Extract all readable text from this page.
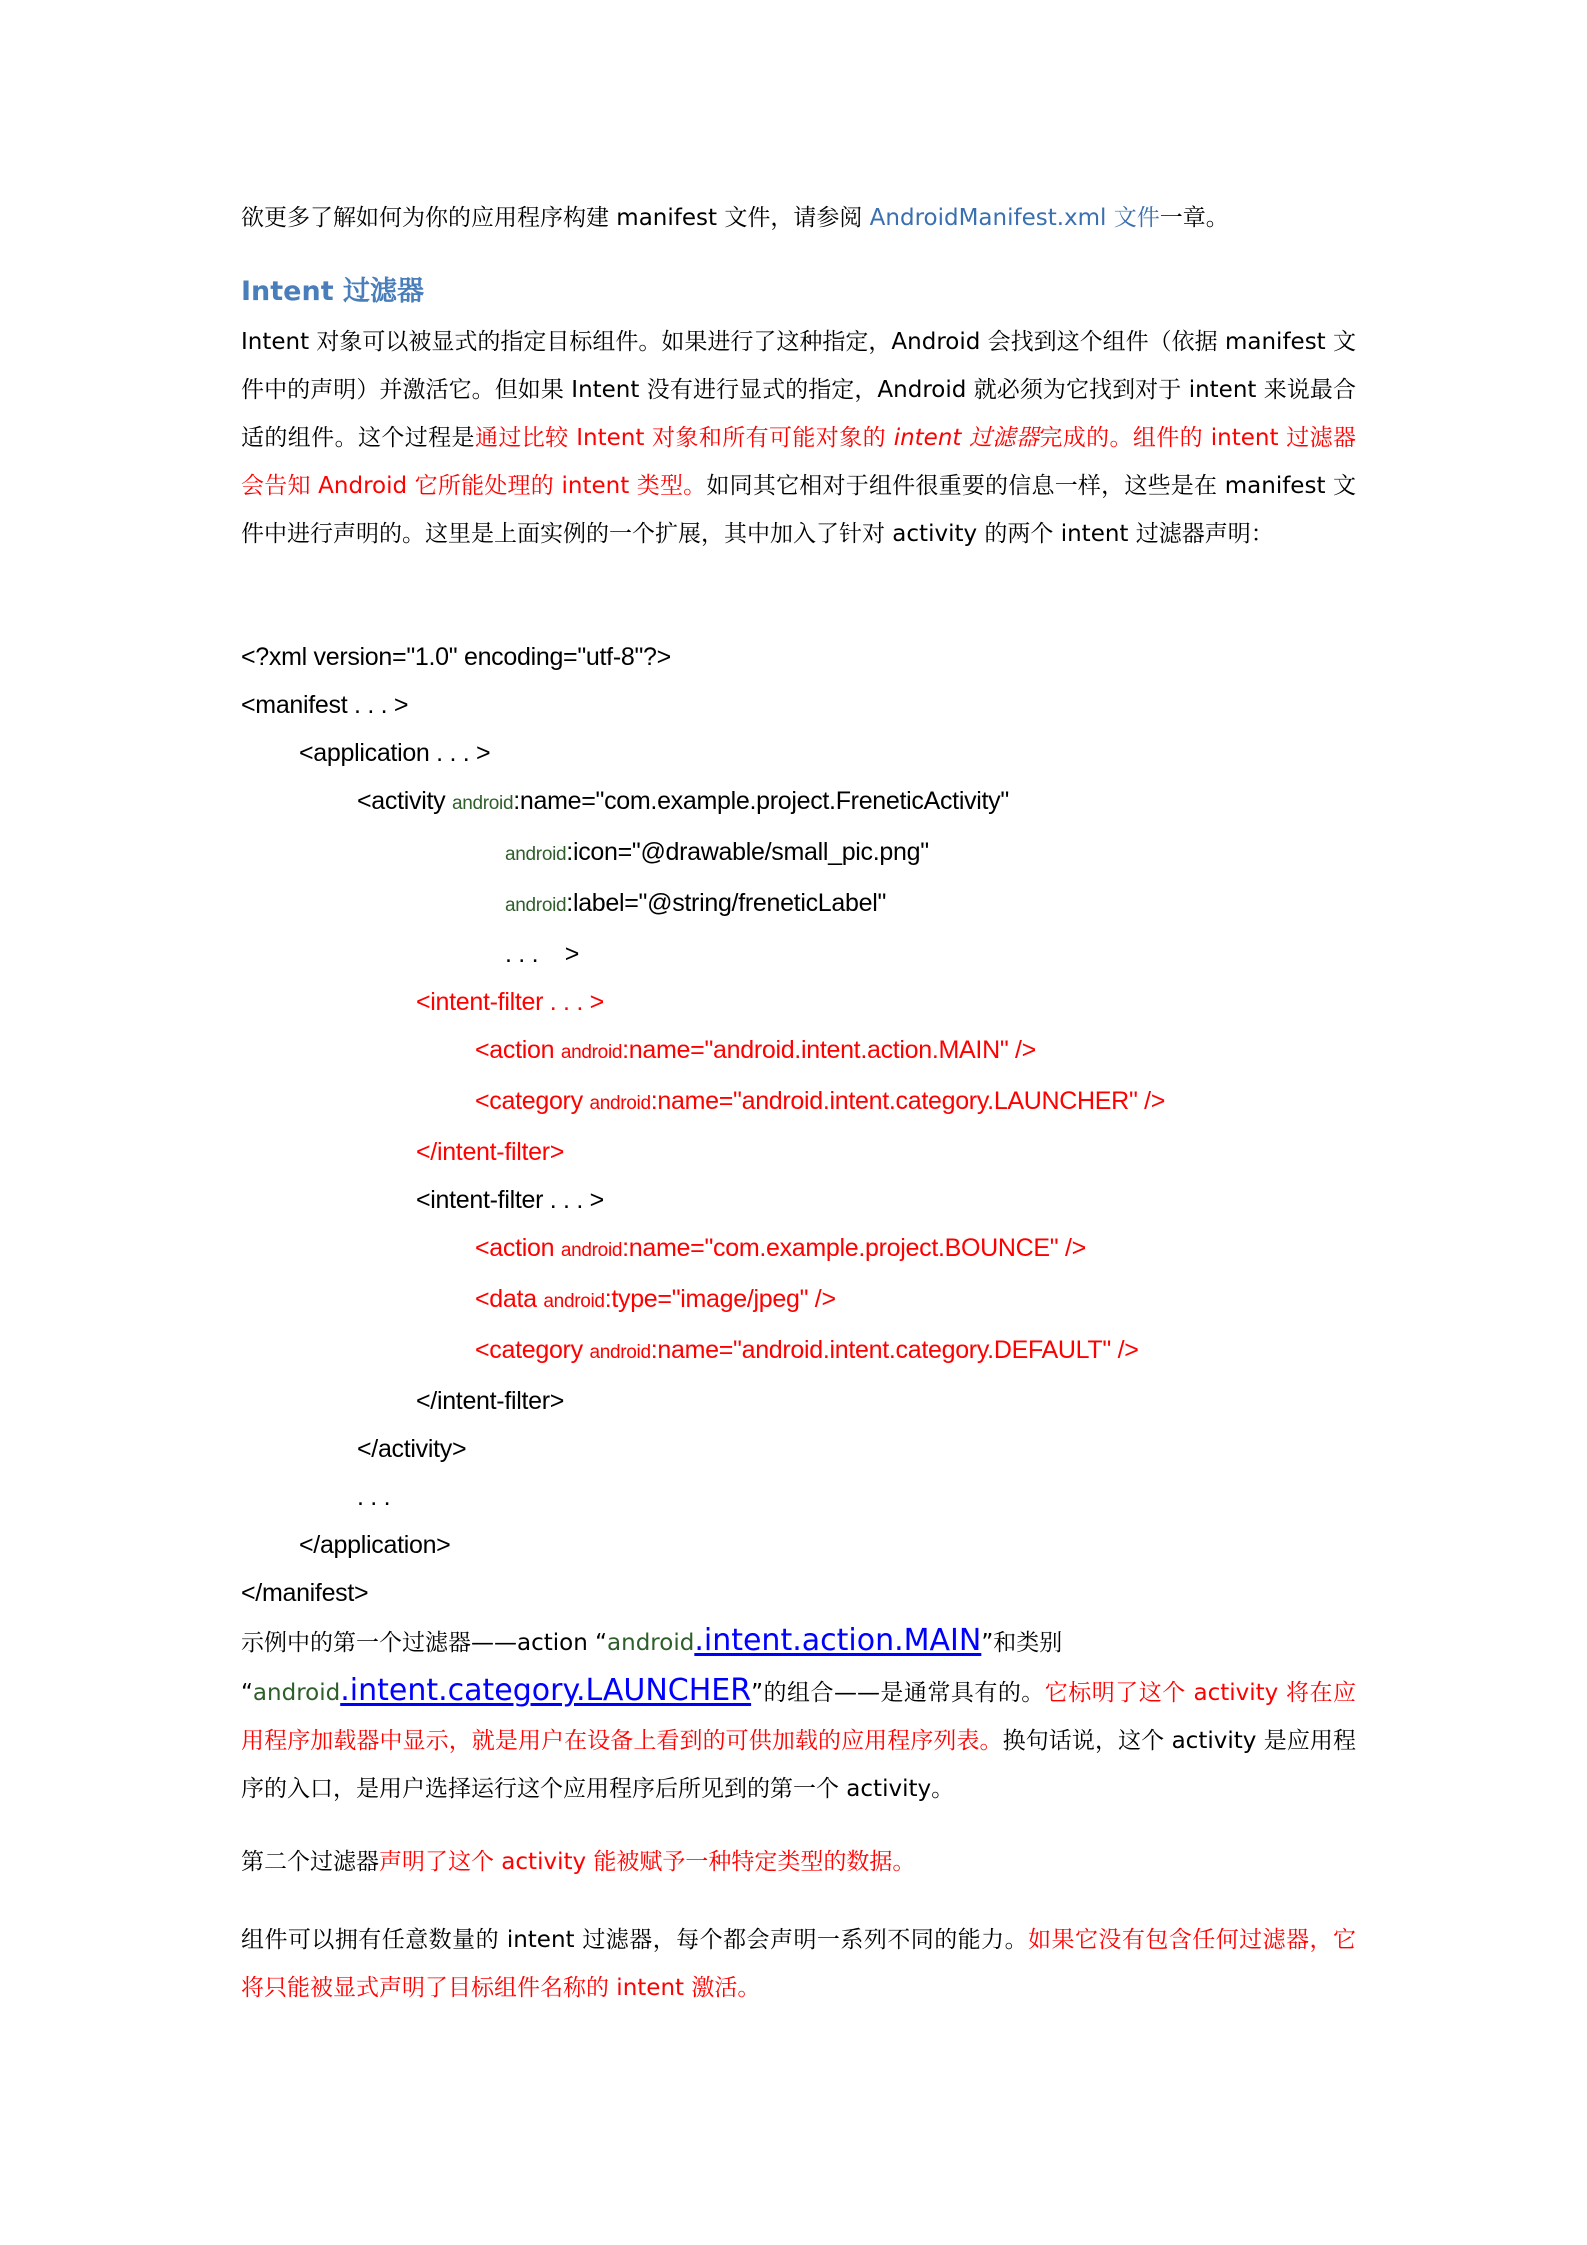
欲更多了解如何为你的应用程序构建 manifest 文件，请参阅 AndroidManifest.xml 文件一章。

Intent 过滤器

Intent 对象可以被显式的指定目标组件。如果进行了这种指定，Android 会找到这个组件（依据 manifest 文件中的声明）并激活它。但如果 Intent 没有进行显式的指定，Android 就必须为它找到对于 intent 来说最合适的组件。这个过程是通过比较 Intent 对象和所有可能对象的 intent 过滤器完成的。组件的 intent 过滤器会告知 Android 它所能处理的 intent 类型。如同其它相对于组件很重要的信息一样，这些是在 manifest 文件中进行声明的。这里是上面实例的一个扩展，其中加入了针对 activity 的两个 intent 过滤器声明：

<?xml version="1.0" encoding="utf-8"?>
<manifest . . . >
<application . . . >
<activity android:name="com.example.project.FreneticActivity"
android:icon="@drawable/small_pic.png"
android:label="@string/freneticLabel"
. . .    >
<intent-filter . . . >
<action android:name="android.intent.action.MAIN" />
<category android:name="android.intent.category.LAUNCHER" />
</intent-filter>
<intent-filter . . . >
<action android:name="com.example.project.BOUNCE" />
<data android:type="image/jpeg" />
<category android:name="android.intent.category.DEFAULT" />
</intent-filter>
</activity>
. . .
</application>
</manifest>

示例中的第一个过滤器——action “android.intent.action.MAIN”和类别
“android.intent.category.LAUNCHER”的组合——是通常具有的。它标明了这个 activity 将在应用程序加载器中显示，就是用户在设备上看到的可供加载的应用程序列表。换句话说，这个 activity 是应用程序的入口，是用户选择运行这个应用程序后所见到的第一个 activity。

第二个过滤器声明了这个 activity 能被赋予一种特定类型的数据。

组件可以拥有任意数量的 intent 过滤器，每个都会声明一系列不同的能力。如果它没有包含任何过滤器，它将只能被显式声明了目标组件名称的 intent 激活。
